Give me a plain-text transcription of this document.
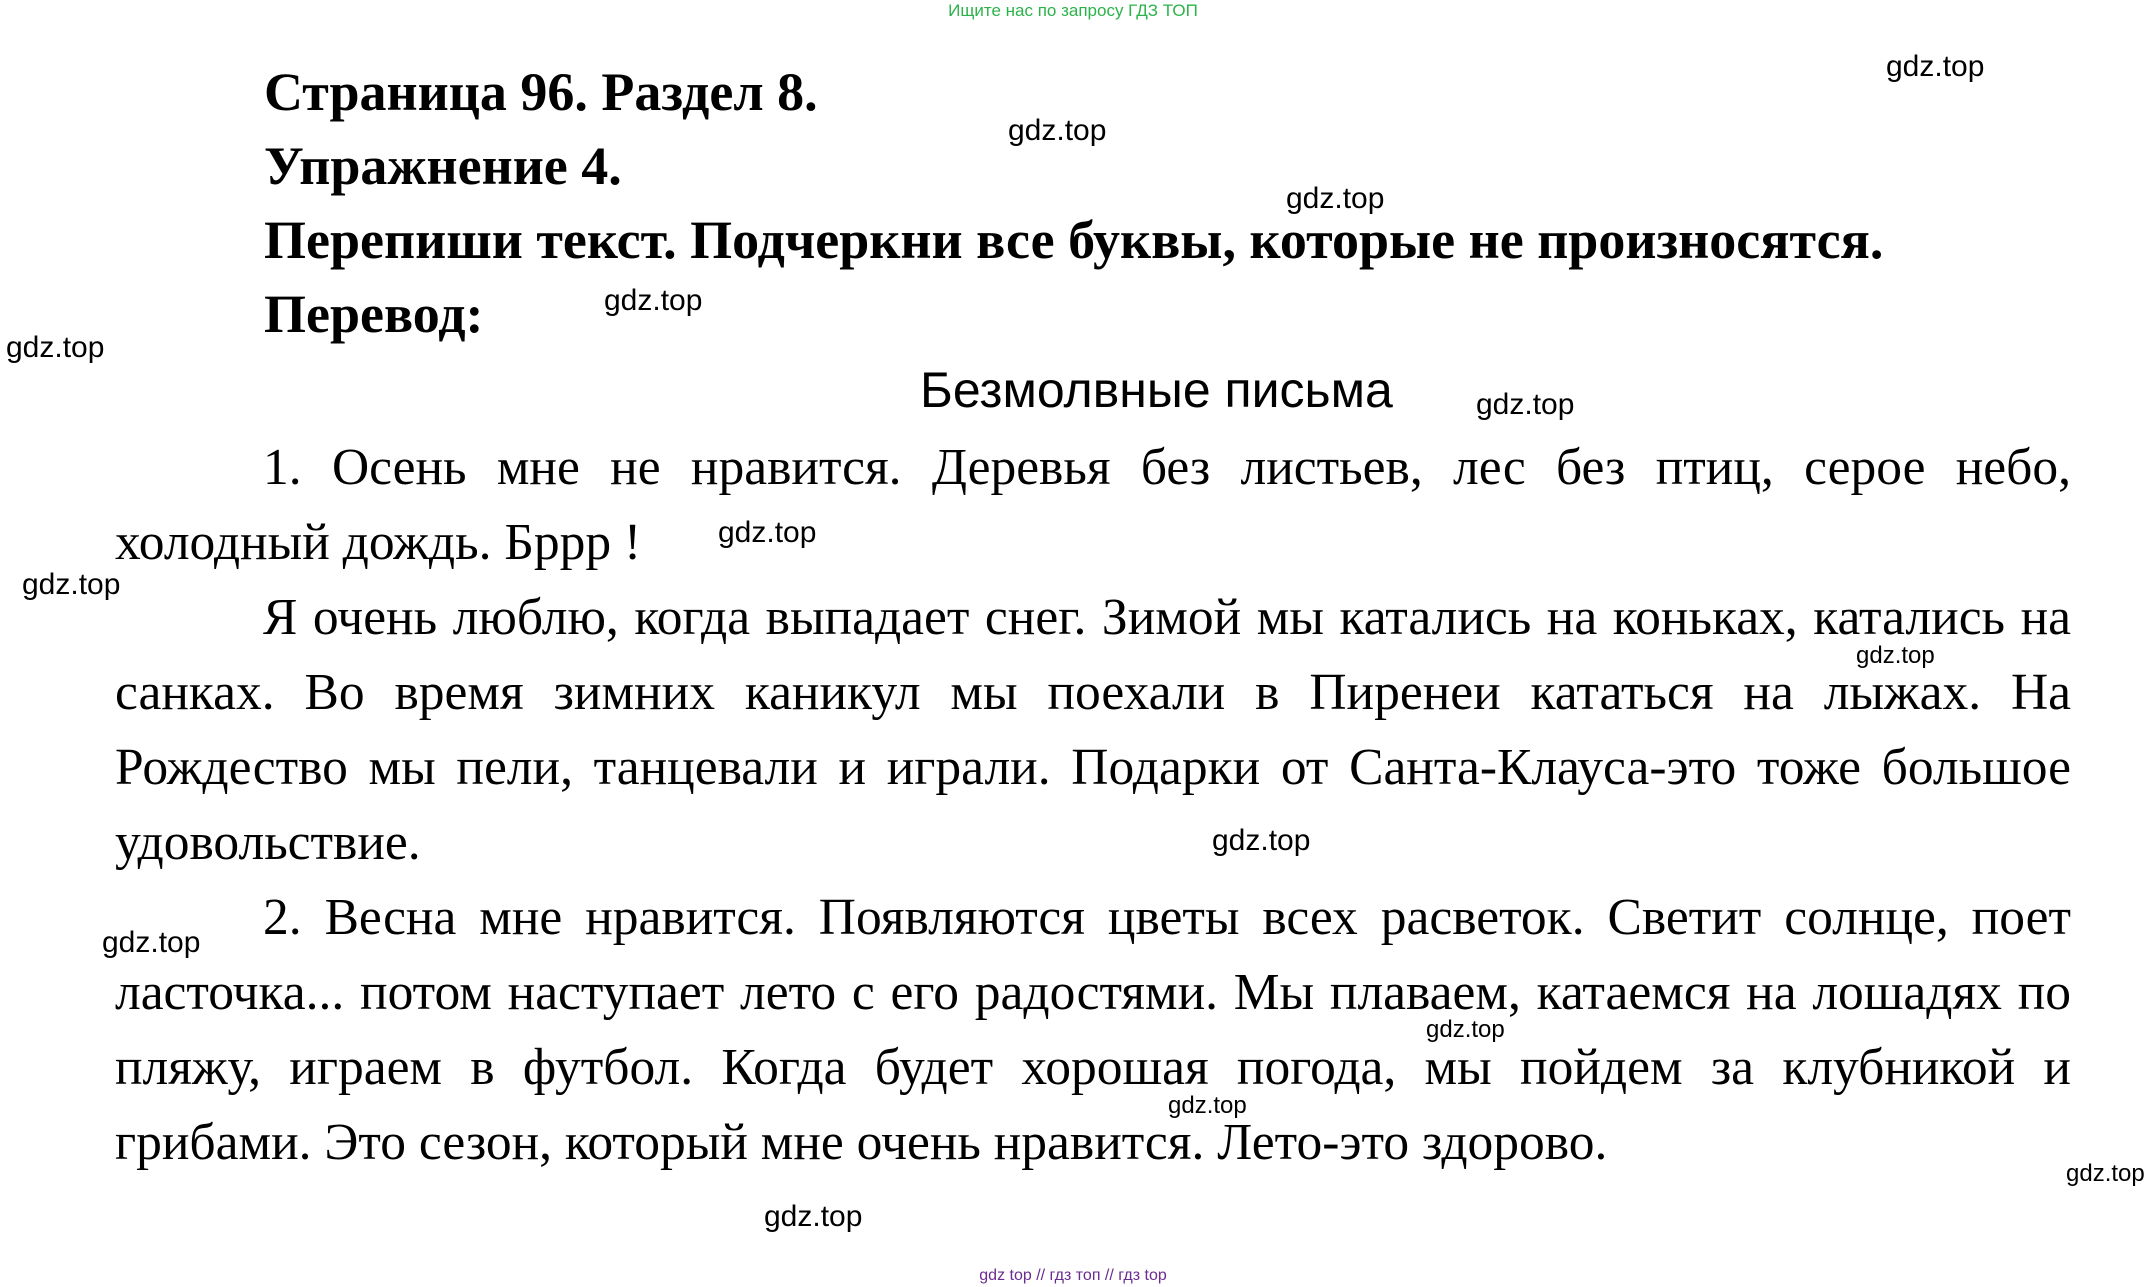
Ищите нас по запросу ГДЗ ТОП
Страница 96. Раздел 8.
Упражнение 4.
Перепиши текст. Подчеркни все буквы, которые не произносятся.
Перевод:
Безмолвные письма

1. Осень мне не нравится. Деревья без листьев, лес без птиц, серое небо, холодный дождь. Бррр !

Я очень люблю, когда выпадает снег. Зимой мы катались на коньках, катались на санках. Во время зимних каникул мы поехали в Пиренеи кататься на лыжах. На Рождество мы пели, танцевали и играли. Подарки от Санта-Клауса-это тоже большое удовольствие.

2. Весна мне нравится. Появляются цветы всех расветок. Светит солнце, поет ласточка... потом наступает лето с его радостями. Мы плаваем, катаемся на лошадях по пляжу, играем в футбол. Когда будет хорошая погода, мы пойдем за клубникой и грибами. Это сезон, который мне очень нравится. Лето-это здорово.

gdz.top
gdz.top
gdz.top
gdz.top
gdz.top
gdz.top
gdz.top
gdz.top
gdz.top
gdz.top
gdz.top
gdz.top
gdz.top
gdz.top
gdz.top
gdz top // гдз топ // гдз top
